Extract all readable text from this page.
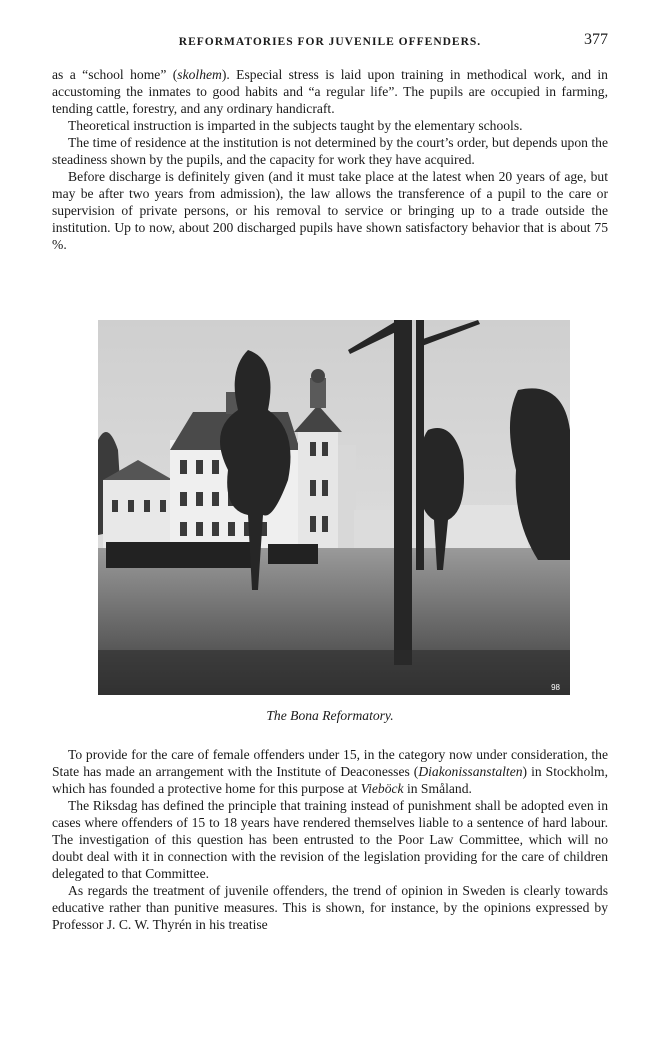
REFORMATORIES FOR JUVENILE OFFENDERS.	377

as a “school home” (skolhem). Especial stress is laid upon training in methodical work, and in accustoming the inmates to good habits and “a regular life”. The pupils are occupied in farming, tending cattle, forestry, and any ordinary handicraft.

Theoretical instruction is imparted in the subjects taught by the elementary schools.

The time of residence at the institution is not determined by the court’s order, but depends upon the steadiness shown by the pupils, and the capacity for work they have acquired.

Before discharge is definitely given (and it must take place at the latest when 20 years of age, but may be after two years from admission), the law allows the transference of a pupil to the care or supervision of private persons, or his removal to service or bringing up to a trade outside the institution. Up to now, about 200 discharged pupils have shown satisfactory behavior that is about 75 %.

98
The Bona Reformatory.

To provide for the care of female offenders under 15, in the category now under consideration, the State has made an arrangement with the Institute of Deaconesses (Diakonissanstalten) in Stockholm, which has founded a protective home for this purpose at Vieböck in Småland.

The Riksdag has defined the principle that training instead of punishment shall be adopted even in cases where offenders of 15 to 18 years have rendered themselves liable to a sentence of hard labour. The investigation of this question has been entrusted to the Poor Law Committee, which will no doubt deal with it in connection with the revision of the legislation providing for the care of children delegated to that Committee.

As regards the treatment of juvenile offenders, the trend of opinion in Sweden is clearly towards educative rather than punitive measures. This is shown, for instance, by the opinions expressed by Professor J. C. W. Thyrén in his treatise
